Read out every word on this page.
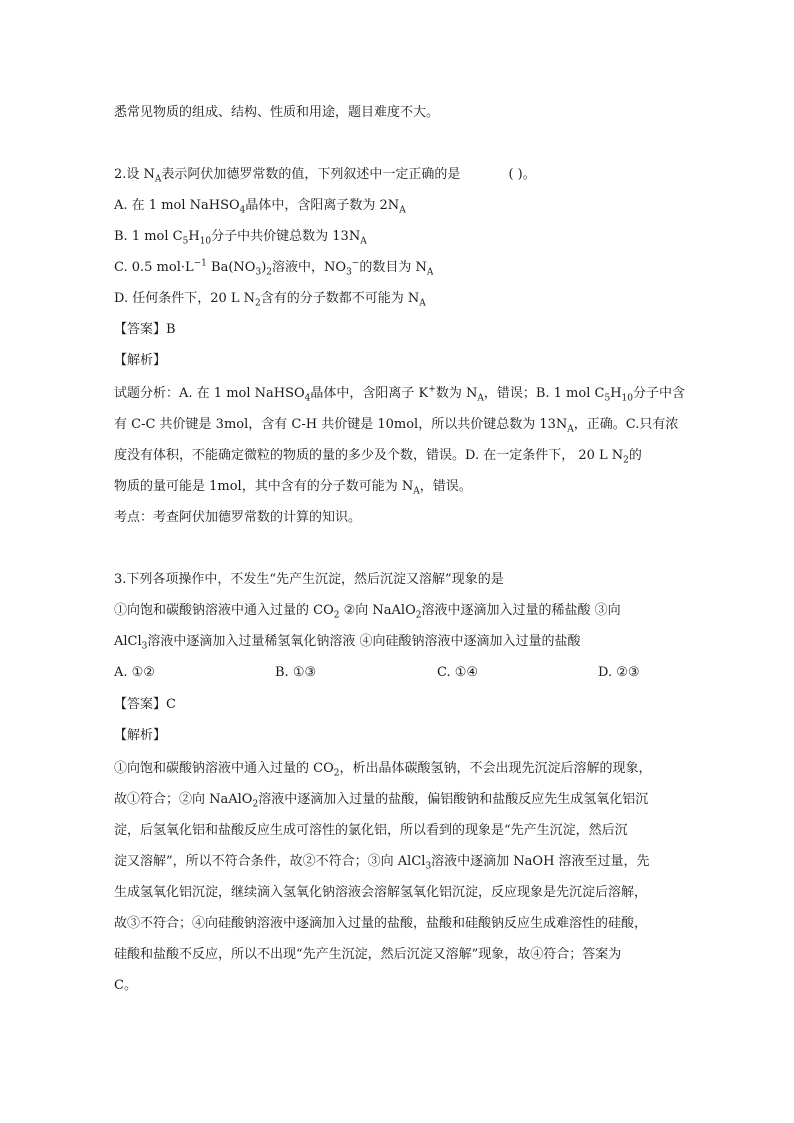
悉常见物质的组成、结构、性质和用途，题目难度不大。
2.设 $N_A$表示阿伏加德罗常数的值，下列叙述中一定正确的是	( )。
A. 在 1 mol NaHSO$_4$晶体中，含阳离子数为 $2N_A$
B. 1 mol $C_5H_{10}$分子中共价键总数为 $13N_A$
C. 0.5 $mol\cdot L^{-1}$ $Ba(NO_3)_2$溶液中，$NO_3^-$的数目为 $N_A$
D. 任何条件下，20 L $N_2$含有的分子数都不可能为 $N_A$
【答案】B
【解析】
试题分析：A. 在 1 mol NaHSO$_4$晶体中，含阳离子 K+数为 $N_A$，错误；B. 1 mol $C_5H_{10}$分子中含
有 C-C 共价键是 3mol，含有 C-H 共价键是 10mol，所以共价键总数为 $13N_A$，正确。C.只有浓
度没有体积，不能确定微粒的物质的量的多少及个数，错误。D. 在一定条件下， 20 L $N_2$的
物质的量可能是 1mol，其中含有的分子数可能为 $N_A$，错误。
考点：考查阿伏加德罗常数的计算的知识。
3.下列各项操作中，不发生“先产生沉淀，然后沉淀又溶解”现象的是
①向饱和碳酸钠溶液中通入过量的 $CO_2$ ②向 NaAlO$_2$溶液中逐滴加入过量的稀盐酸 ③向
AlCl$_3$溶液中逐滴加入过量稀氢氧化钠溶液 ④向硅酸钠溶液中逐滴加入过量的盐酸
A. ①②	B. ①③	C. ①④	D. ②③
【答案】C
【解析】
①向饱和碳酸钠溶液中通入过量的 $CO_2$，析出晶体碳酸氢钠，不会出现先沉淀后溶解的现象，
故①符合；②向 NaAlO$_2$溶液中逐滴加入过量的盐酸，偏铝酸钠和盐酸反应先生成氢氧化铝沉
淀，后氢氧化铝和盐酸反应生成可溶性的氯化铝，所以看到的现象是“先产生沉淀，然后沉
淀又溶解”，所以不符合条件，故②不符合；③向 AlCl$_3$溶液中逐滴加 NaOH 溶液至过量，先
生成氢氧化铝沉淀，继续滴入氢氧化钠溶液会溶解氢氧化铝沉淀，反应现象是先沉淀后溶解，
故③不符合；④向硅酸钠溶液中逐滴加入过量的盐酸，盐酸和硅酸钠反应生成难溶性的硅酸，
硅酸和盐酸不反应，所以不出现“先产生沉淀，然后沉淀又溶解”现象，故④符合；答案为
C。
